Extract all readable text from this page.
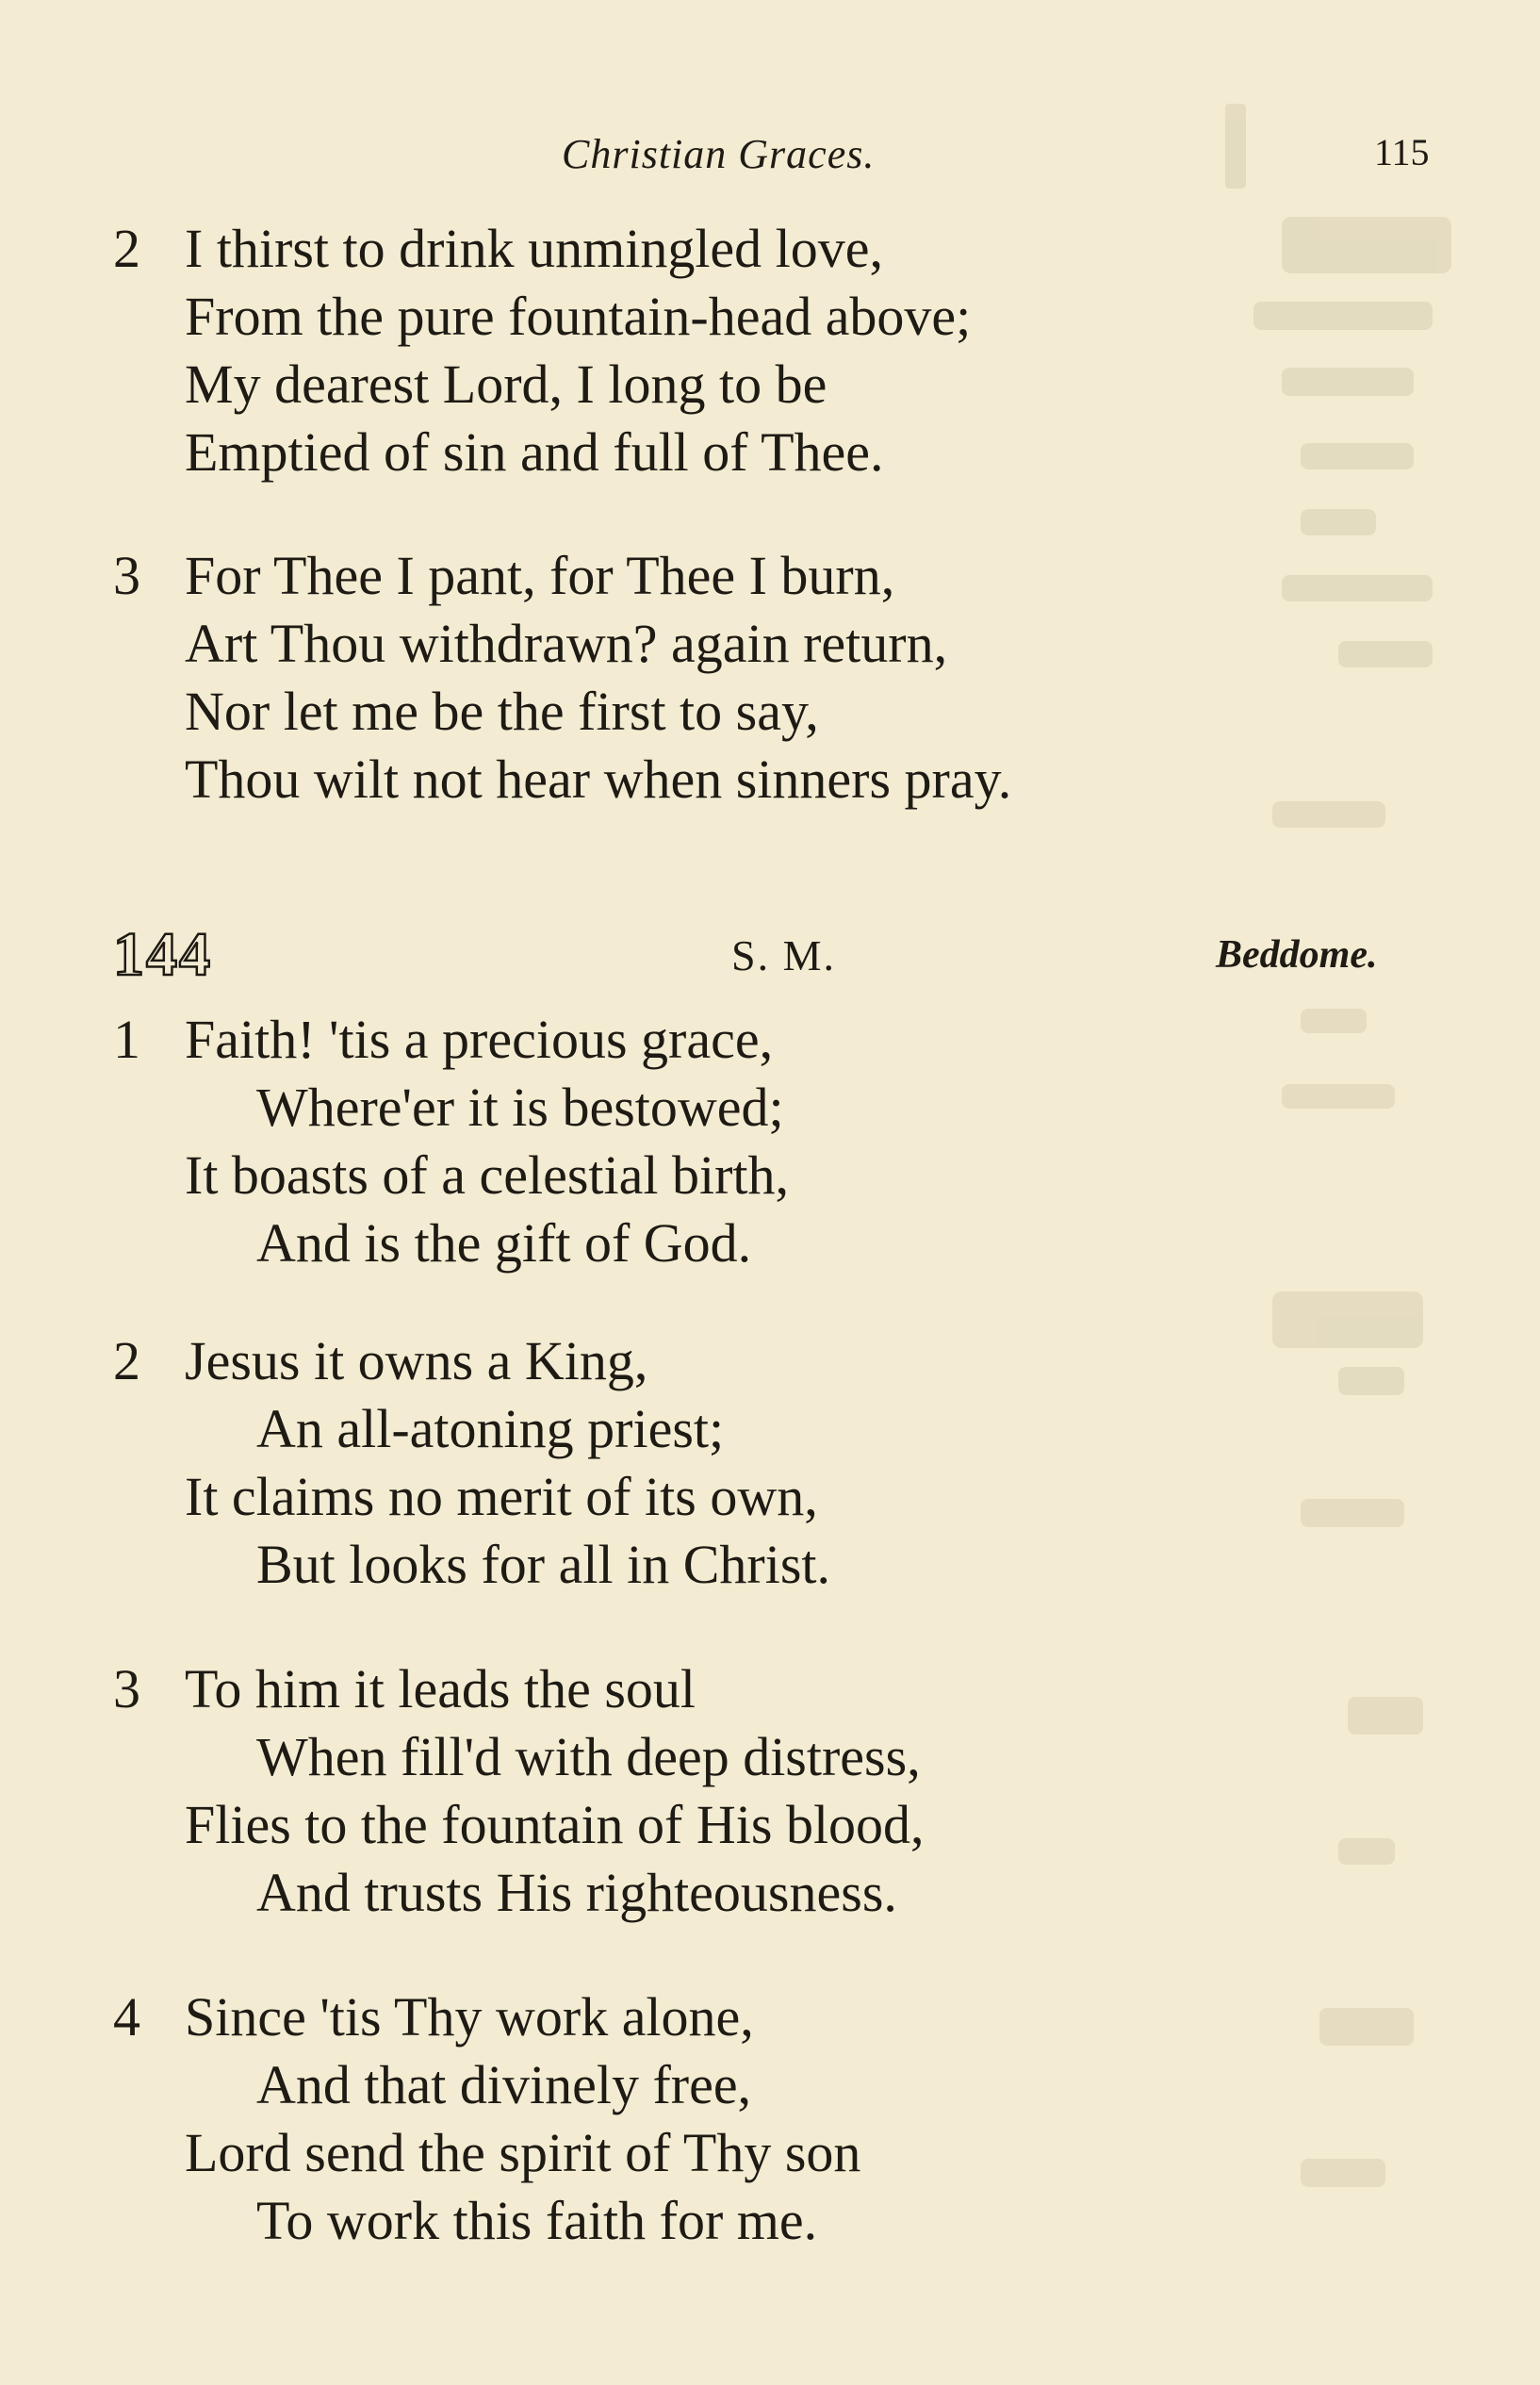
Christian Graces.	115
2 I thirst to drink unmingled love,
From the pure fountain-head above;
My dearest Lord, I long to be
Emptied of sin and full of Thee.
3 For Thee I pant, for Thee I burn,
Art Thou withdrawn? again return,
Nor let me be the first to say,
Thou wilt not hear when sinners pray.
144	S. M.	Beddome.
1 Faith! 'tis a precious grace,
Where'er it is bestowed;
It boasts of a celestial birth,
And is the gift of God.
2 Jesus it owns a King,
An all-atoning priest;
It claims no merit of its own,
But looks for all in Christ.
3 To him it leads the soul
When fill'd with deep distress,
Flies to the fountain of His blood,
And trusts His righteousness.
4 Since 'tis Thy work alone,
And that divinely free,
Lord send the spirit of Thy son
To work this faith for me.
